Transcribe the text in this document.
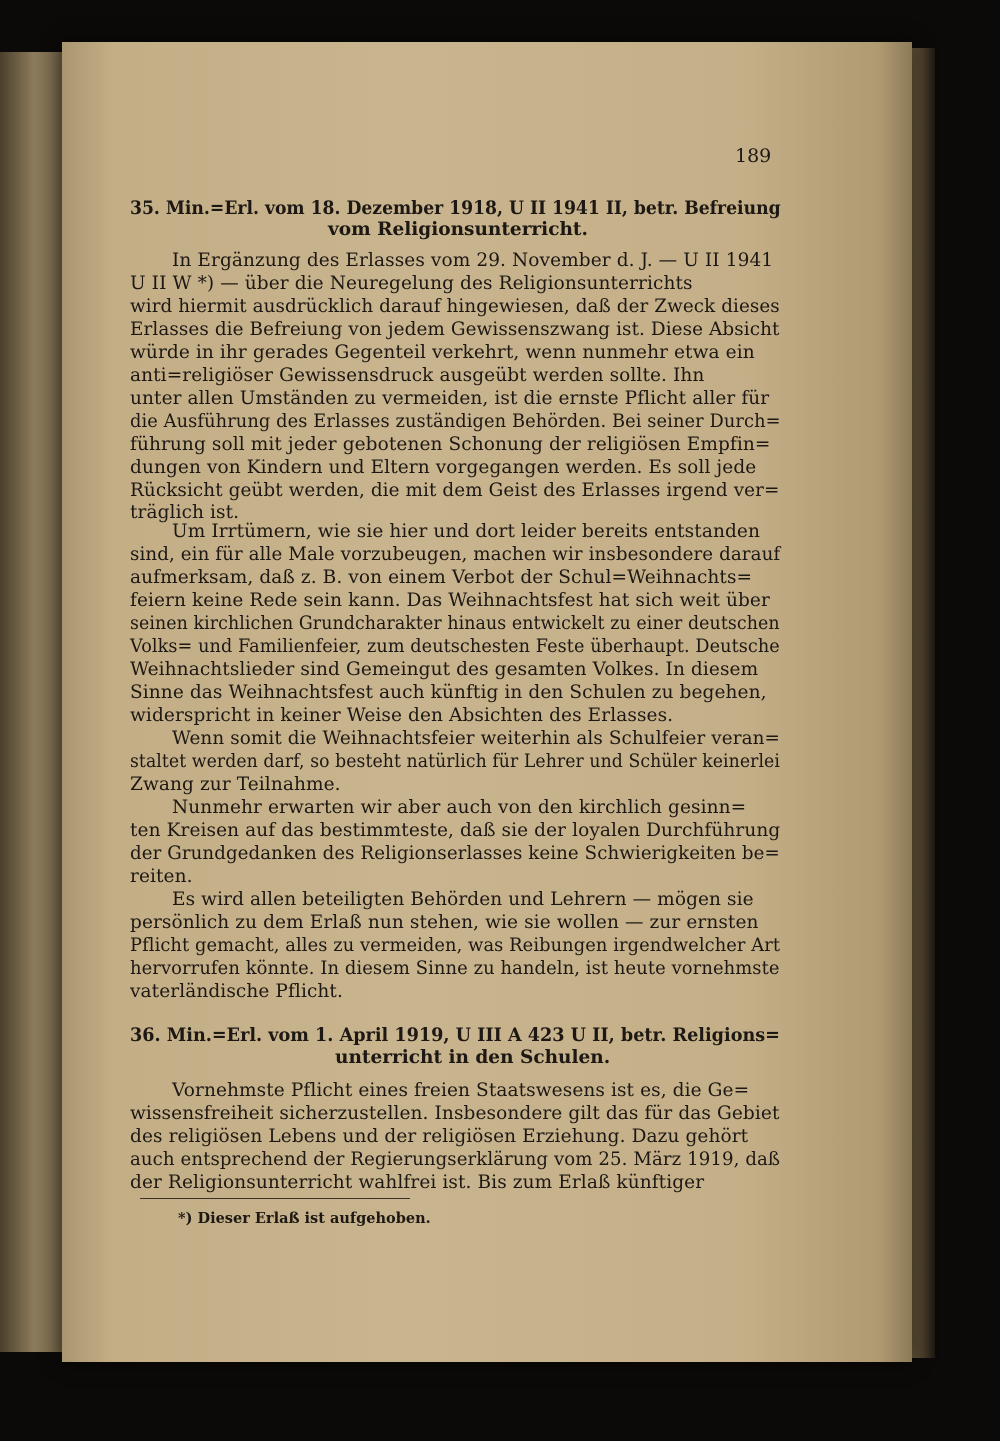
189
35. Min.=Erl. vom 18. Dezember 1918, U II 1941 II, betr. Befreiung
vom Religionsunterricht.
In Ergänzung des Erlasses vom 29. November d. J. — U II 1941
U II W *) — über die Neuregelung des Religionsunterrichts
wird hiermit ausdrücklich darauf hingewiesen, daß der Zweck dieses
Erlasses die Befreiung von jedem Gewissenszwang ist. Diese Absicht
würde in ihr gerades Gegenteil verkehrt, wenn nunmehr etwa ein
anti=religiöser Gewissensdruck ausgeübt werden sollte. Ihn
unter allen Umständen zu vermeiden, ist die ernste Pflicht aller für
die Ausführung des Erlasses zuständigen Behörden. Bei seiner Durch=
führung soll mit jeder gebotenen Schonung der religiösen Empfin=
dungen von Kindern und Eltern vorgegangen werden. Es soll jede
Rücksicht geübt werden, die mit dem Geist des Erlasses irgend ver=
träglich ist.
Um Irrtümern, wie sie hier und dort leider bereits entstanden
sind, ein für alle Male vorzubeugen, machen wir insbesondere darauf
aufmerksam, daß z. B. von einem Verbot der Schul=Weihnachts=
feiern keine Rede sein kann. Das Weihnachtsfest hat sich weit über
seinen kirchlichen Grundcharakter hinaus entwickelt zu einer deutschen
Volks= und Familienfeier, zum deutschesten Feste überhaupt. Deutsche
Weihnachtslieder sind Gemeingut des gesamten Volkes. In diesem
Sinne das Weihnachtsfest auch künftig in den Schulen zu begehen,
widerspricht in keiner Weise den Absichten des Erlasses.
Wenn somit die Weihnachtsfeier weiterhin als Schulfeier veran=
staltet werden darf, so besteht natürlich für Lehrer und Schüler keinerlei
Zwang zur Teilnahme.
Nunmehr erwarten wir aber auch von den kirchlich gesinn=
ten Kreisen auf das bestimmteste, daß sie der loyalen Durchführung
der Grundgedanken des Religionserlasses keine Schwierigkeiten be=
reiten.
Es wird allen beteiligten Behörden und Lehrern — mögen sie
persönlich zu dem Erlaß nun stehen, wie sie wollen — zur ernsten
Pflicht gemacht, alles zu vermeiden, was Reibungen irgendwelcher Art
hervorrufen könnte. In diesem Sinne zu handeln, ist heute vornehmste
vaterländische Pflicht.
36. Min.=Erl. vom 1. April 1919, U III A 423 U II, betr. Religions=
unterricht in den Schulen.
Vornehmste Pflicht eines freien Staatswesens ist es, die Ge=
wissensfreiheit sicherzustellen. Insbesondere gilt das für das Gebiet
des religiösen Lebens und der religiösen Erziehung. Dazu gehört
auch entsprechend der Regierungserklärung vom 25. März 1919, daß
der Religionsunterricht wahlfrei ist. Bis zum Erlaß künftiger
*) Dieser Erlaß ist aufgehoben.
